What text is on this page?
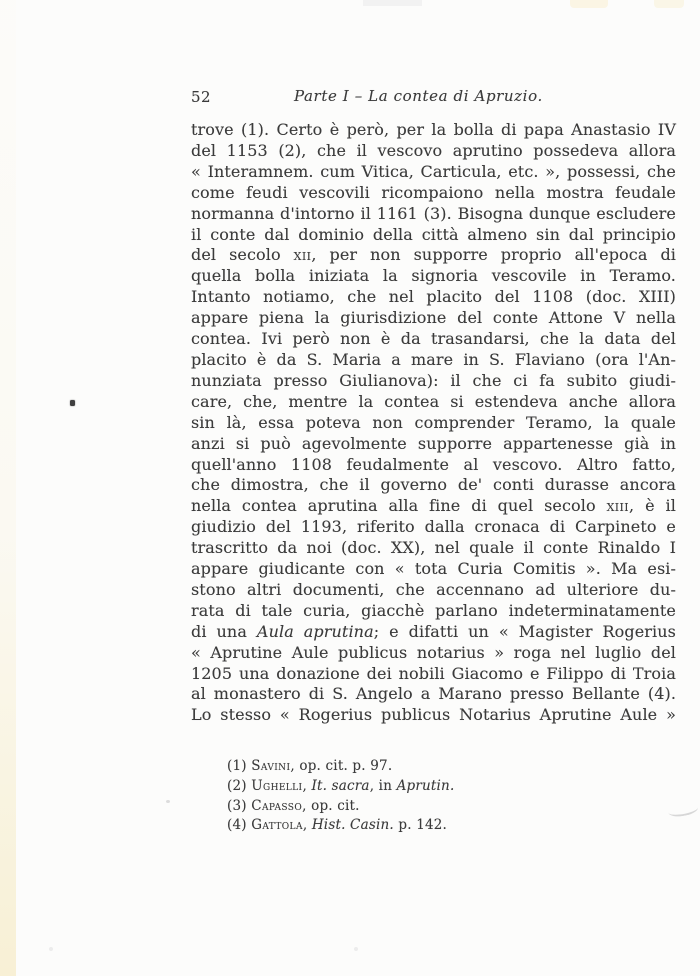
52	Parte I – La contea di Apruzio.
trove (1). Certo è però, per la bolla di papa Anastasio IV
del 1153 (2), che il vescovo aprutino possedeva allora
« Interamnem. cum Vitica, Carticula, etc. », possessi, che
come feudi vescovili ricompaiono nella mostra feudale
normanna d'intorno il 1161 (3). Bisogna dunque escludere
il conte dal dominio della città almeno sin dal principio
del secolo xii, per non supporre proprio all'epoca di
quella bolla iniziata la signoria vescovile in Teramo.
Intanto notiamo, che nel placito del 1108 (doc. XIII)
appare piena la giurisdizione del conte Attone V nella
contea. Ivi però non è da trasandarsi, che la data del
placito è da S. Maria a mare in S. Flaviano (ora l'An-
nunziata presso Giulianova): il che ci fa subito giudi-
care, che, mentre la contea si estendeva anche allora
sin là, essa poteva non comprender Teramo, la quale
anzi si può agevolmente supporre appartenesse già in
quell'anno 1108 feudalmente al vescovo. Altro fatto,
che dimostra, che il governo de' conti durasse ancora
nella contea aprutina alla fine di quel secolo xiii, è il
giudizio del 1193, riferito dalla cronaca di Carpineto e
trascritto da noi (doc. XX), nel quale il conte Rinaldo I
appare giudicante con « tota Curia Comitis ». Ma esi-
stono altri documenti, che accennano ad ulteriore du-
rata di tale curia, giacchè parlano indeterminatamente
di una Aula aprutina; e difatti un « Magister Rogerius
« Aprutine Aule publicus notarius » roga nel luglio del
1205 una donazione dei nobili Giacomo e Filippo di Troia
al monastero di S. Angelo a Marano presso Bellante (4).
Lo stesso « Rogerius publicus Notarius Aprutine Aule »
(1) Savini, op. cit. p. 97.
(2) Ughelli, It. sacra, in Aprutin.
(3) Capasso, op. cit.
(4) Gattola, Hist. Casin. p. 142.
